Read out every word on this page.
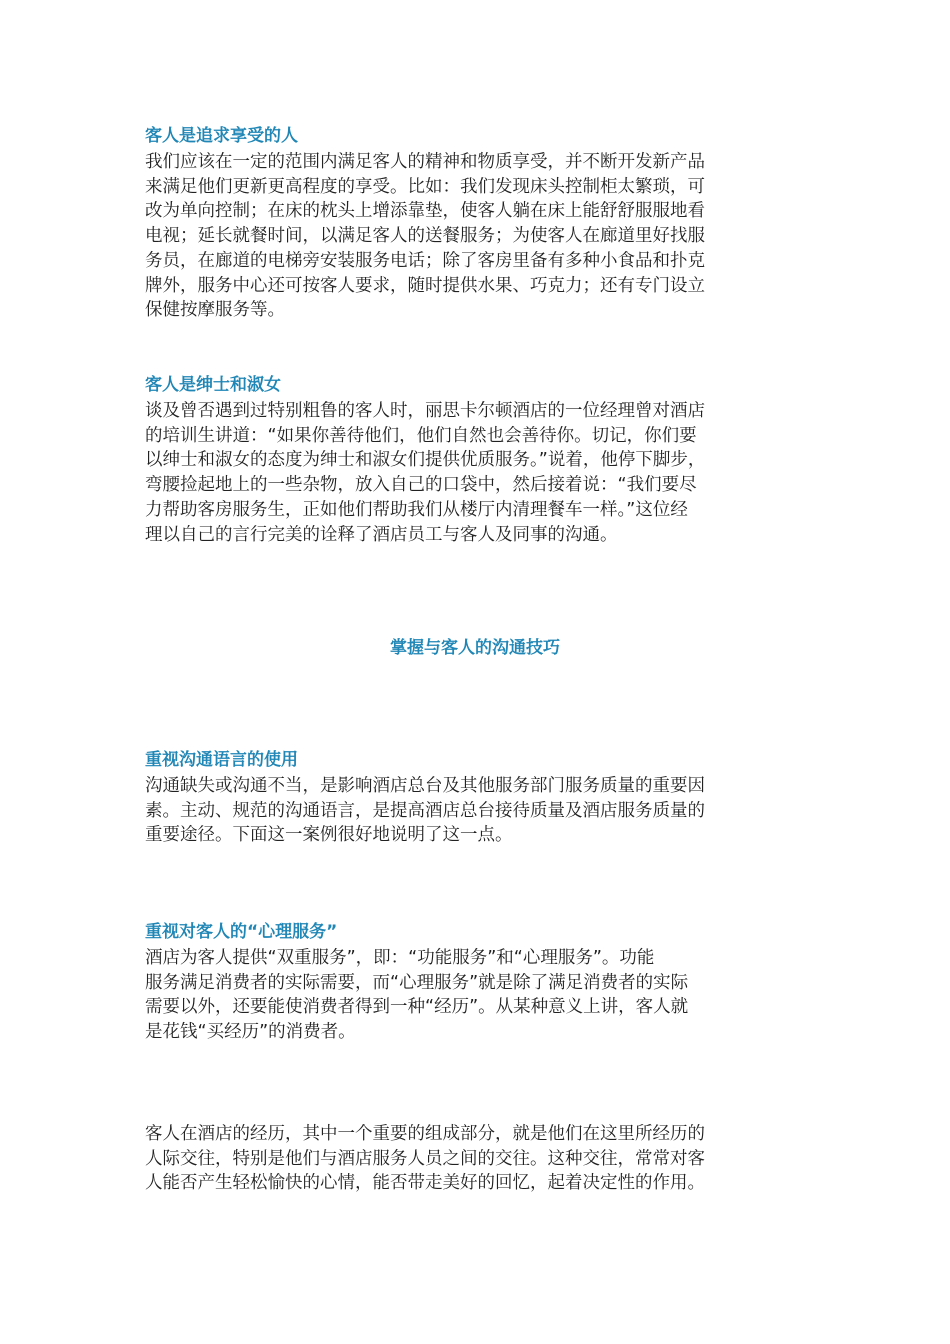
客人是追求享受的人

我们应该在一定的范围内满足客人的精神和物质享受，并不断开发新产品
来满足他们更新更高程度的享受。比如：我们发现床头控制柜太繁琐，可
改为单向控制；在床的枕头上增添靠垫，使客人躺在床上能舒舒服服地看
电视；延长就餐时间，以满足客人的送餐服务；为使客人在廊道里好找服
务员，在廊道的电梯旁安装服务电话；除了客房里备有多种小食品和扑克
牌外，服务中心还可按客人要求，随时提供水果、巧克力；还有专门设立
保健按摩服务等。

客人是绅士和淑女

谈及曾否遇到过特别粗鲁的客人时，丽思卡尔顿酒店的一位经理曾对酒店
的培训生讲道：“如果你善待他们，他们自然也会善待你。切记，你们要
以绅士和淑女的态度为绅士和淑女们提供优质服务。”说着，他停下脚步，
弯腰捡起地上的一些杂物，放入自己的口袋中，然后接着说：“我们要尽
力帮助客房服务生，正如他们帮助我们从楼厅内清理餐车一样。”这位经
理以自己的言行完美的诠释了酒店员工与客人及同事的沟通。

掌握与客人的沟通技巧
重视沟通语言的使用

沟通缺失或沟通不当，是影响酒店总台及其他服务部门服务质量的重要因
素。主动、规范的沟通语言，是提高酒店总台接待质量及酒店服务质量的
重要途径。下面这一案例很好地说明了这一点。

重视对客人的“心理服务”

酒店为客人提供“双重服务”，即：“功能服务”和“心理服务”。功能
服务满足消费者的实际需要，而“心理服务”就是除了满足消费者的实际
需要以外，还要能使消费者得到一种“经历”。从某种意义上讲，客人就
是花钱“买经历”的消费者。

客人在酒店的经历，其中一个重要的组成部分，就是他们在这里所经历的
人际交往，特别是他们与酒店服务人员之间的交往。这种交往，常常对客
人能否产生轻松愉快的心情，能否带走美好的回忆，起着决定性的作用。
